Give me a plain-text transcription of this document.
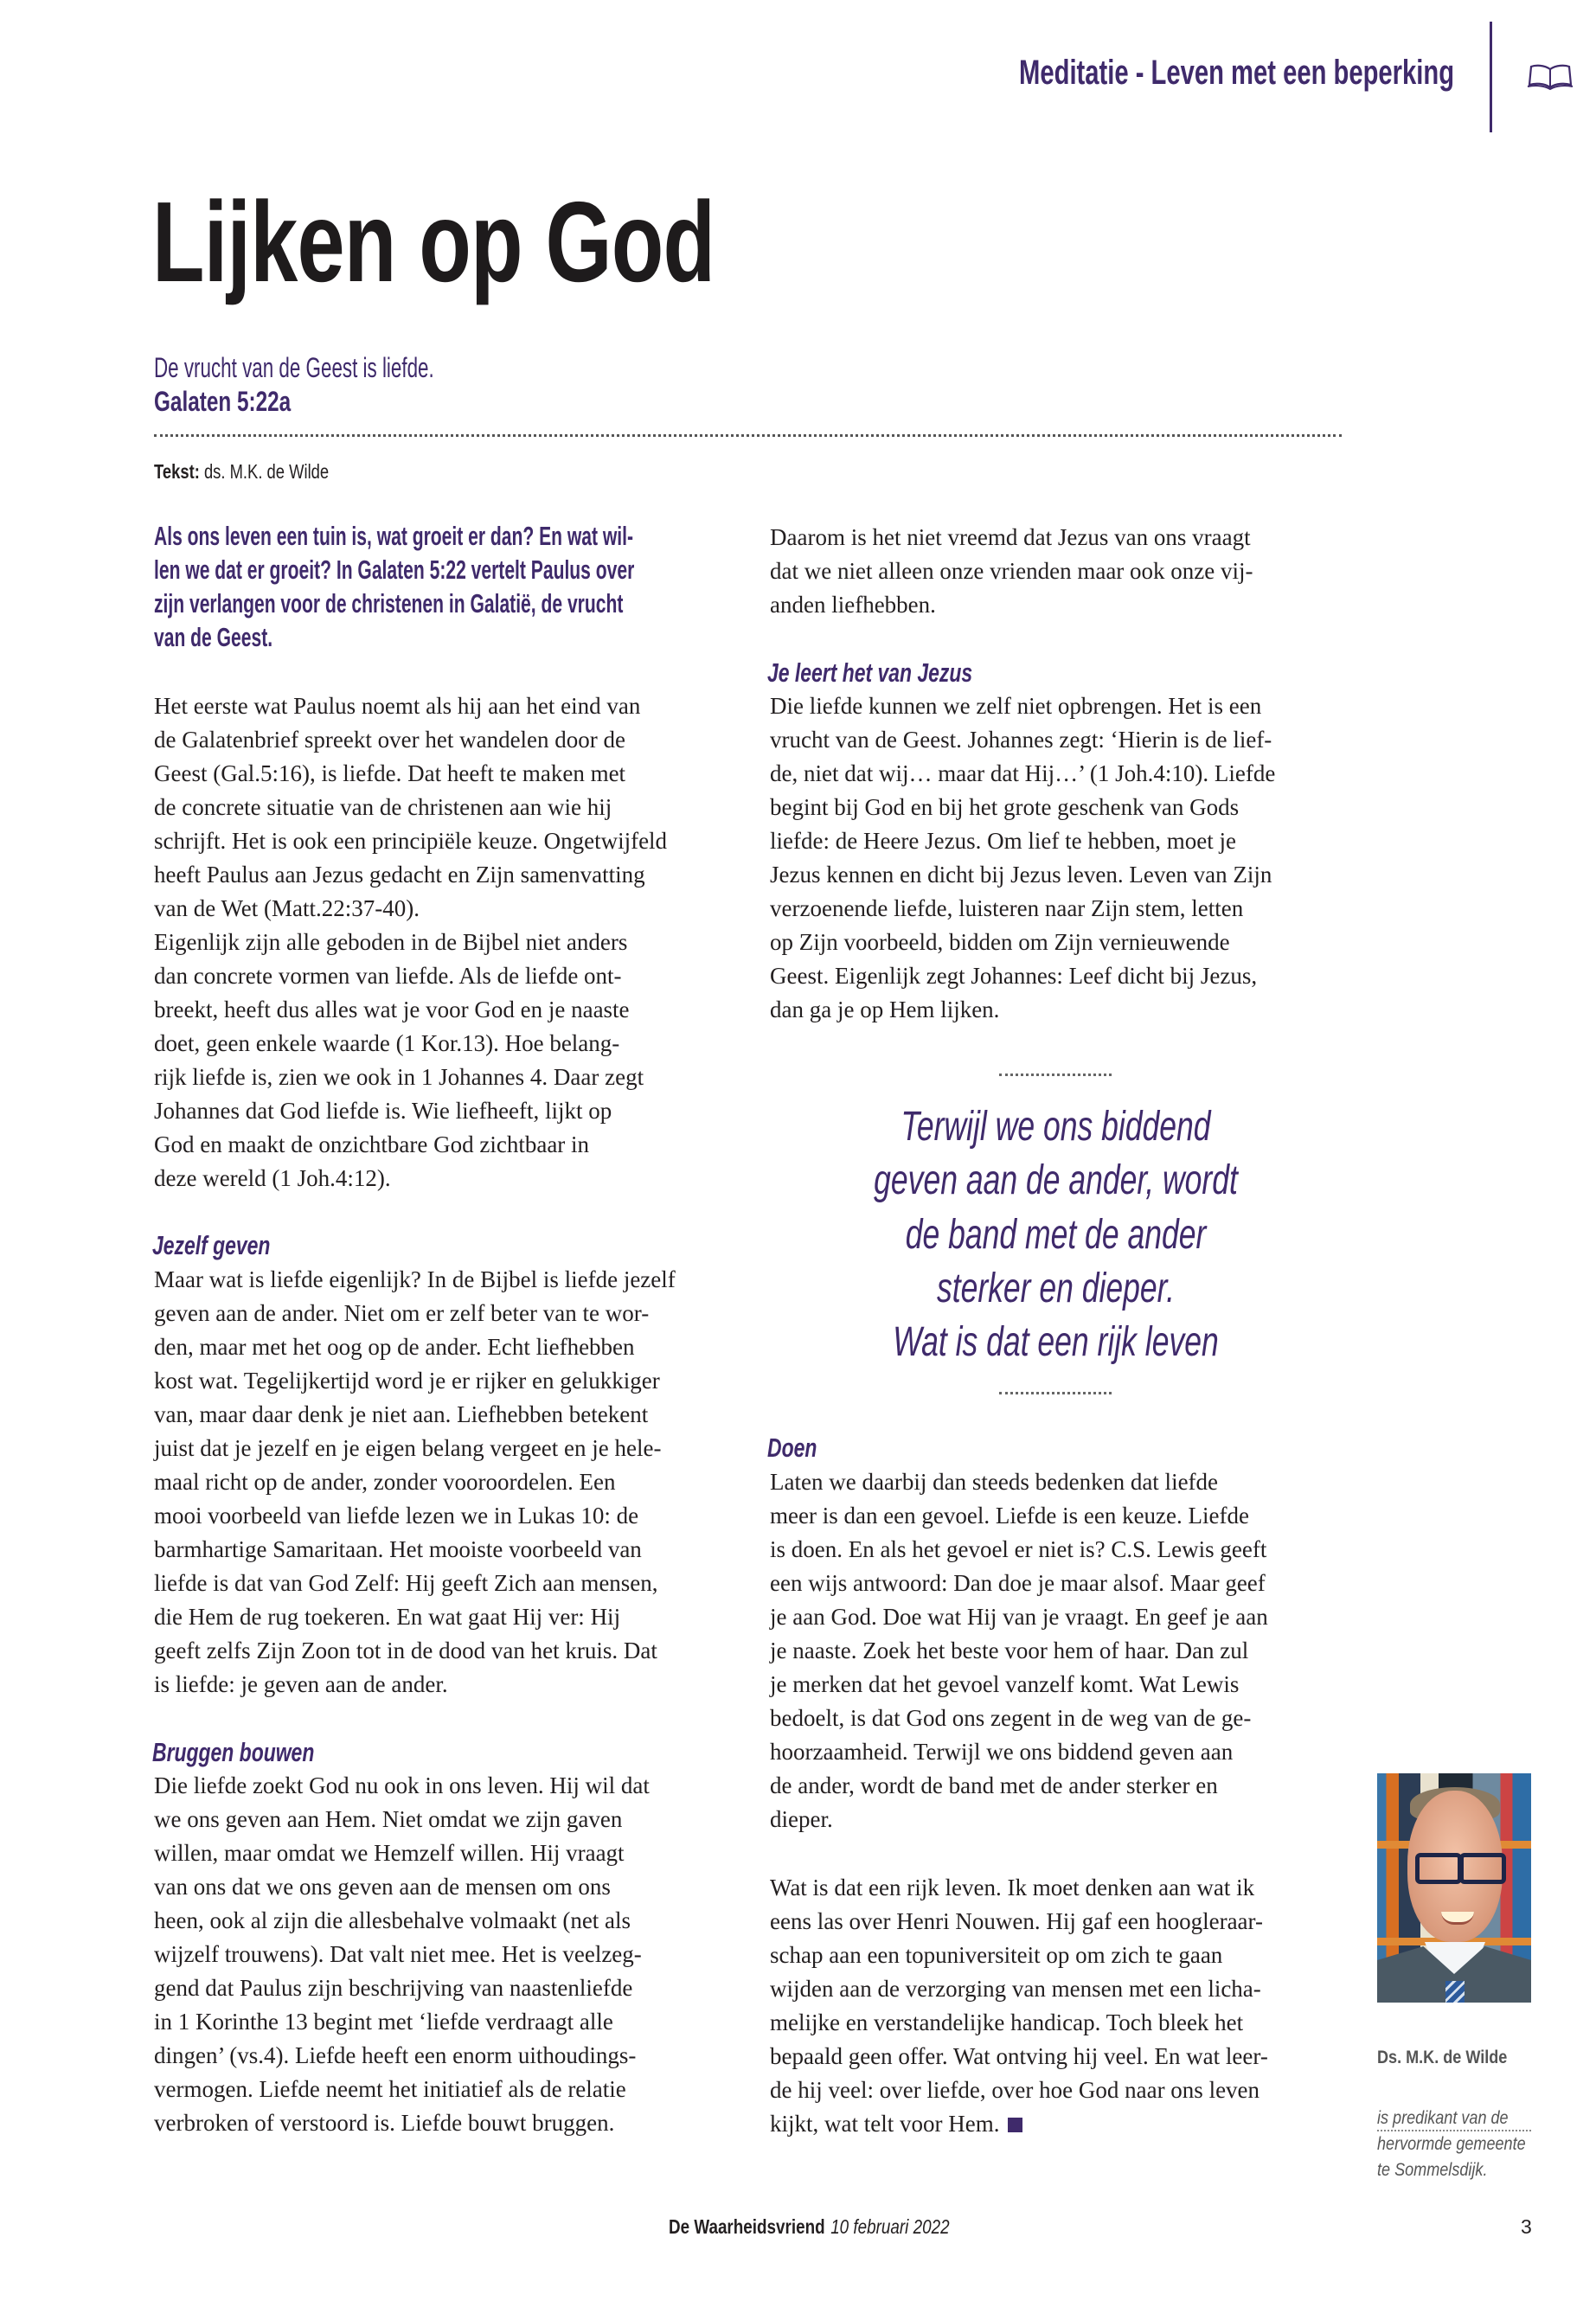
Meditatie - Leven met een beperking
Lijken op God
De vrucht van de Geest is liefde.
Galaten 5:22a
Tekst: ds. M.K. de Wilde
Als ons leven een tuin is, wat groeit er dan? En wat wil-
len we dat er groeit? In Galaten 5:22 vertelt Paulus over
zijn verlangen voor de christenen in Galatië, de vrucht
van de Geest.
Het eerste wat Paulus noemt als hij aan het eind van
de Galatenbrief spreekt over het wandelen door de
Geest (Gal.5:16), is liefde. Dat heeft te maken met
de concrete situatie van de christenen aan wie hij
schrijft. Het is ook een principiële keuze. Ongetwijfeld
heeft Paulus aan Jezus gedacht en Zijn samenvatting
van de Wet (Matt.22:37-40).
Eigenlijk zijn alle geboden in de Bijbel niet anders
dan concrete vormen van liefde. Als de liefde ont-
breekt, heeft dus alles wat je voor God en je naaste
doet, geen enkele waarde (1 Kor.13). Hoe belang-
rijk liefde is, zien we ook in 1 Johannes 4. Daar zegt
Johannes dat God liefde is. Wie liefheeft, lijkt op
God en maakt de onzichtbare God zichtbaar in
deze wereld (1 Joh.4:12).
Jezelf geven
Maar wat is liefde eigenlijk? In de Bijbel is liefde jezelf
geven aan de ander. Niet om er zelf beter van te wor-
den, maar met het oog op de ander. Echt liefhebben
kost wat. Tegelijkertijd word je er rijker en gelukkiger
van, maar daar denk je niet aan. Liefhebben betekent
juist dat je jezelf en je eigen belang vergeet en je hele-
maal richt op de ander, zonder vooroordelen. Een
mooi voorbeeld van liefde lezen we in Lukas 10: de
barmhartige Samaritaan. Het mooiste voorbeeld van
liefde is dat van God Zelf: Hij geeft Zich aan mensen,
die Hem de rug toekeren. En wat gaat Hij ver: Hij
geeft zelfs Zijn Zoon tot in de dood van het kruis. Dat
is liefde: je geven aan de ander.
Bruggen bouwen
Die liefde zoekt God nu ook in ons leven. Hij wil dat
we ons geven aan Hem. Niet omdat we zijn gaven
willen, maar omdat we Hemzelf willen. Hij vraagt
van ons dat we ons geven aan de mensen om ons
heen, ook al zijn die allesbehalve volmaakt (net als
wijzelf trouwens). Dat valt niet mee. Het is veelzeg-
gend dat Paulus zijn beschrijving van naastenliefde
in 1 Korinthe 13 begint met ‘liefde verdraagt alle
dingen’ (vs.4). Liefde heeft een enorm uithoudings-
vermogen. Liefde neemt het initiatief als de relatie
verbroken of verstoord is. Liefde bouwt bruggen.
Daarom is het niet vreemd dat Jezus van ons vraagt
dat we niet alleen onze vrienden maar ook onze vij-
anden liefhebben.
Je leert het van Jezus
Die liefde kunnen we zelf niet opbrengen. Het is een
vrucht van de Geest. Johannes zegt: ‘Hierin is de lief-
de, niet dat wij… maar dat Hij…’ (1 Joh.4:10). Liefde
begint bij God en bij het grote geschenk van Gods
liefde: de Heere Jezus. Om lief te hebben, moet je
Jezus kennen en dicht bij Jezus leven. Leven van Zijn
verzoenende liefde, luisteren naar Zijn stem, letten
op Zijn voorbeeld, bidden om Zijn vernieuwende
Geest. Eigenlijk zegt Johannes: Leef dicht bij Jezus,
dan ga je op Hem lijken.
Terwijl we ons biddend
geven aan de ander, wordt
de band met de ander
sterker en dieper.
Wat is dat een rijk leven
Doen
Laten we daarbij dan steeds bedenken dat liefde
meer is dan een gevoel. Liefde is een keuze. Liefde
is doen. En als het gevoel er niet is? C.S. Lewis geeft
een wijs antwoord: Dan doe je maar alsof. Maar geef
je aan God. Doe wat Hij van je vraagt. En geef je aan
je naaste. Zoek het beste voor hem of haar. Dan zul
je merken dat het gevoel vanzelf komt. Wat Lewis
bedoelt, is dat God ons zegent in de weg van de ge-
hoorzaamheid. Terwijl we ons biddend geven aan
de ander, wordt de band met de ander sterker en
dieper.
Wat is dat een rijk leven. Ik moet denken aan wat ik
eens las over Henri Nouwen. Hij gaf een hoogleraar-
schap aan een topuniversiteit op om zich te gaan
wijden aan de verzorging van mensen met een licha-
melijke en verstandelijke handicap. Toch bleek het
bepaald geen offer. Wat ontving hij veel. En wat leer-
de hij veel: over liefde, over hoe God naar ons leven
kijkt, wat telt voor Hem.

Ds. M.K. de Wilde

is predikant van de
hervormde gemeente
te Sommelsdijk.

De Waarheidsvriend 10 februari 2022	3
